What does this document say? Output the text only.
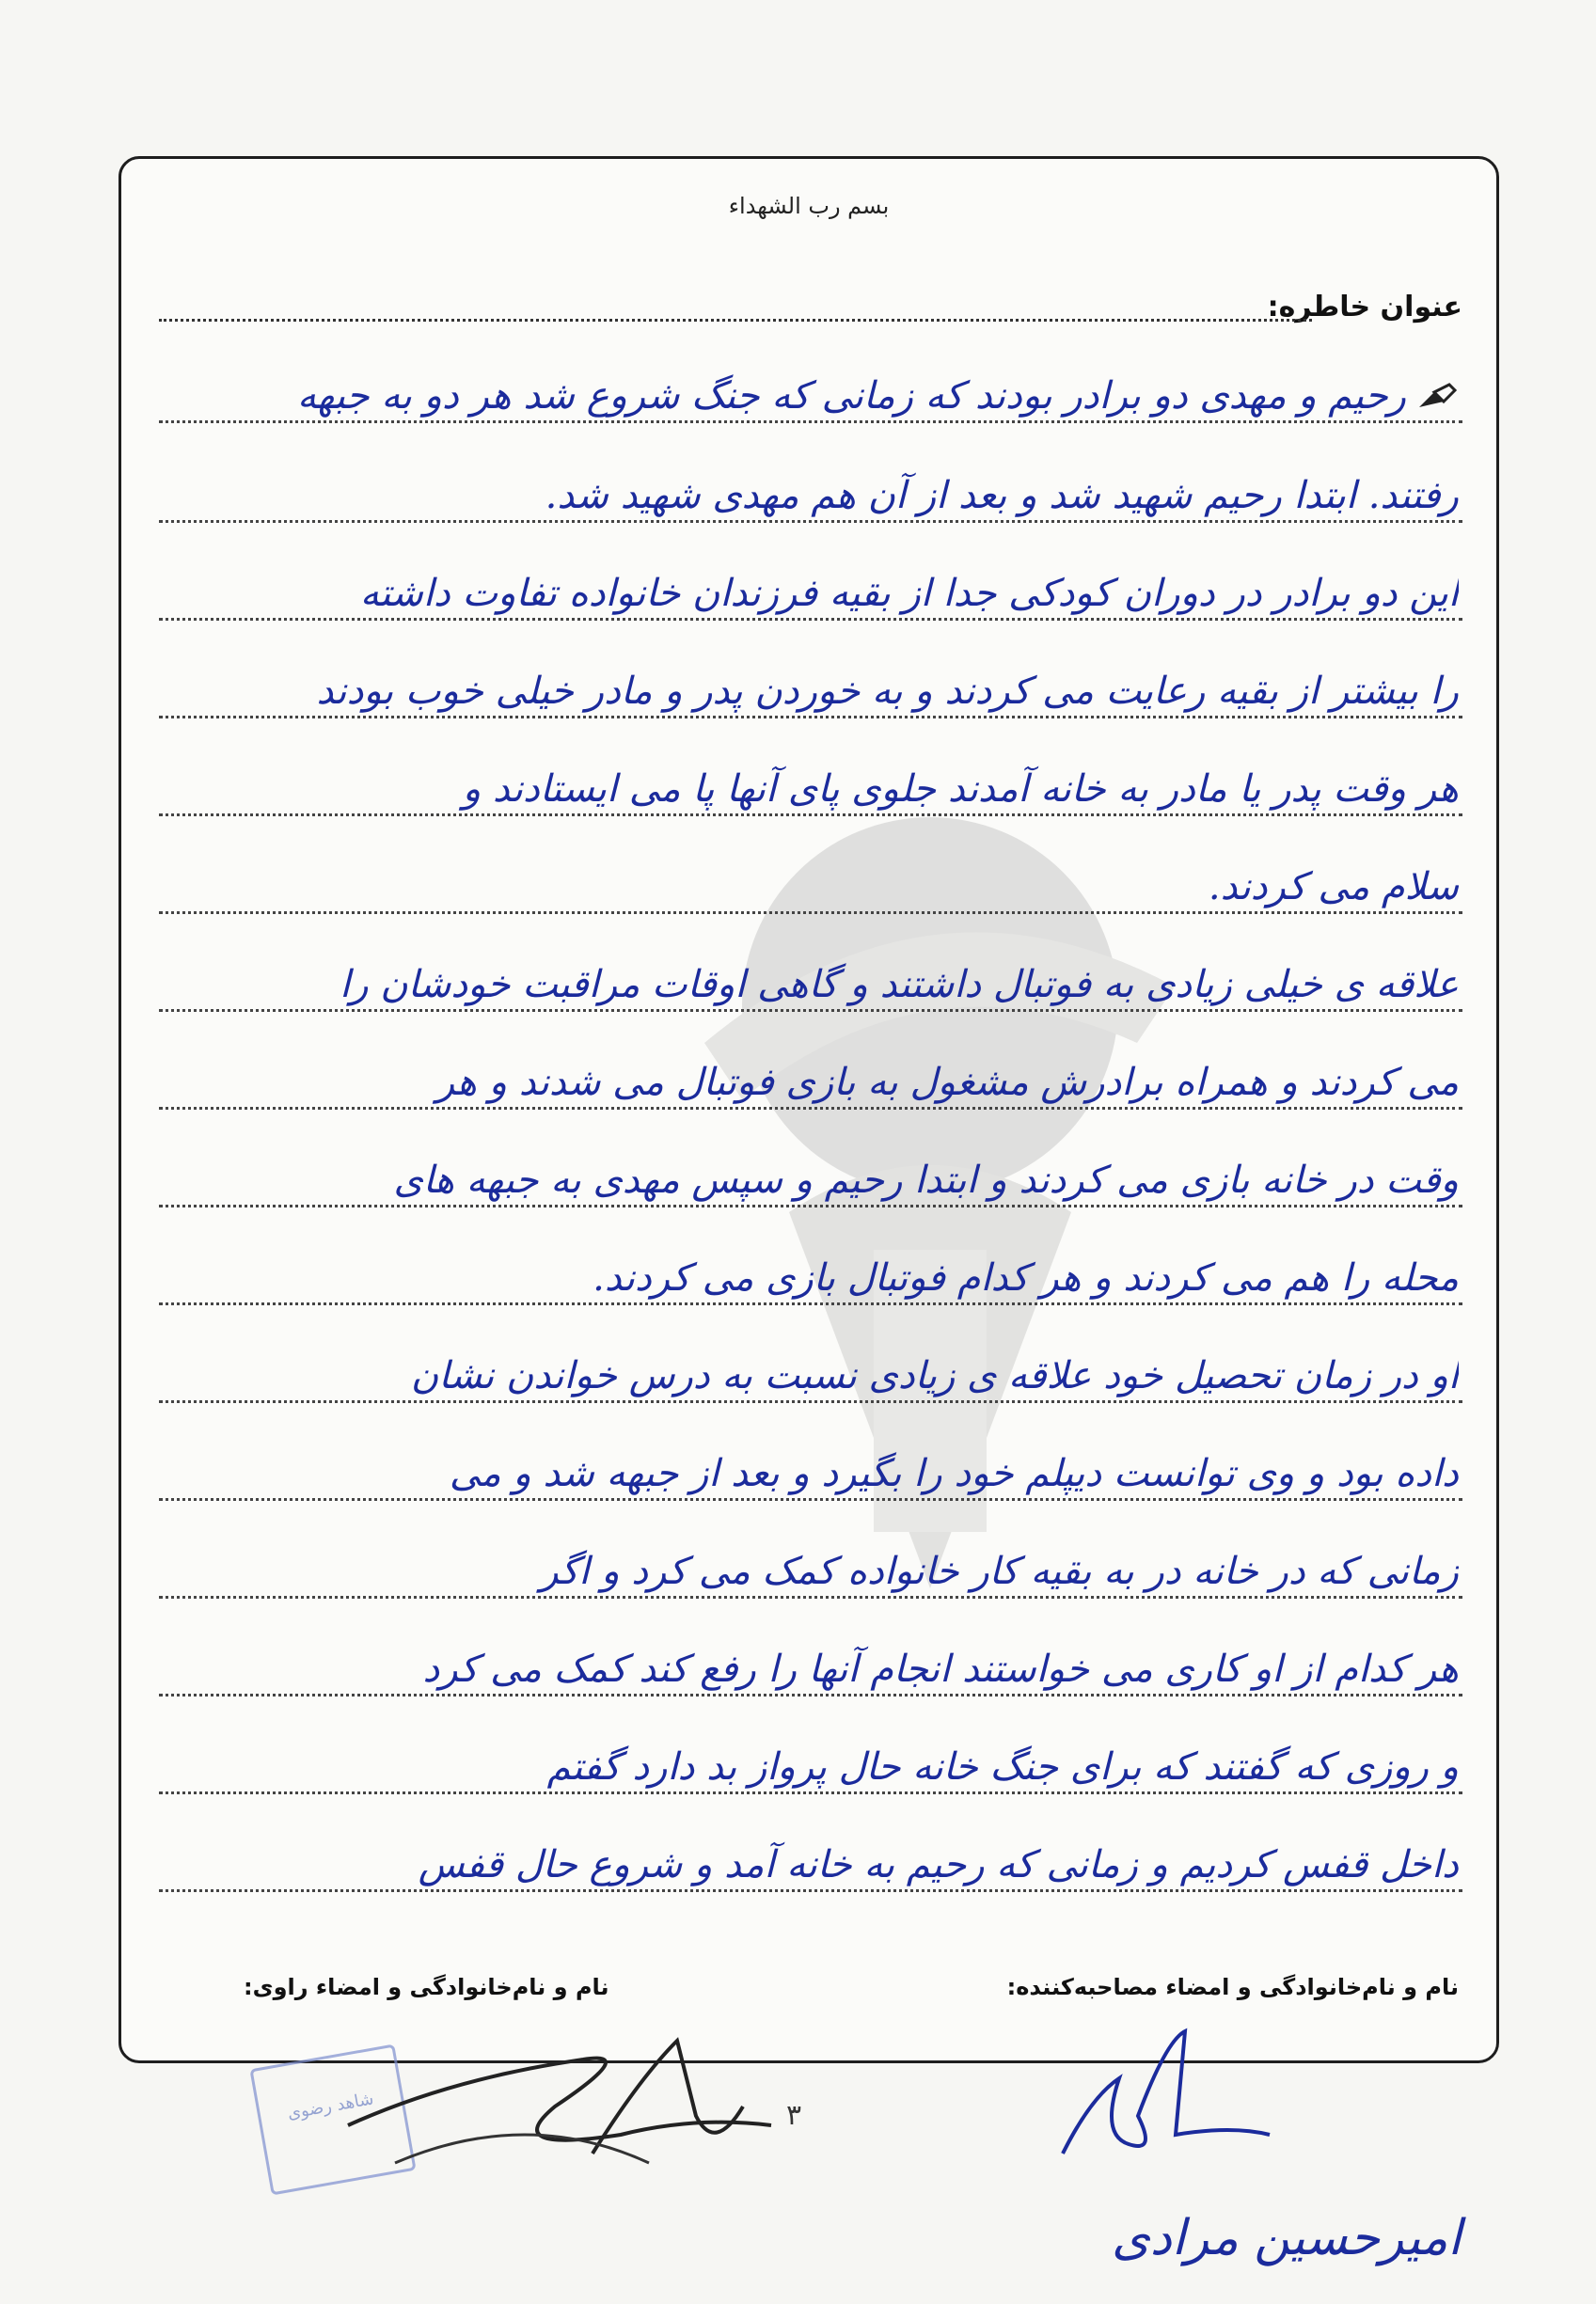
بسم رب الشهداء
عنوان خاطره:
رحیم و مهدی دو برادر بودند که زمانی که جنگ شروع شد هر دو به جبهه
رفتند. ابتدا رحیم شهید شد و بعد از آن هم مهدی شهید شد.
این دو برادر در دوران کودکی جدا از بقیه فرزندان خانواده تفاوت داشته
را بیشتر از بقیه رعایت می کردند و به خوردن پدر و مادر خیلی خوب بودند
هر وقت پدر یا مادر به خانه آمدند جلوی پای آنها پا می ایستادند و
سلام می کردند.
علاقه ی خیلی زیادی به فوتبال داشتند و گاهی اوقات مراقبت خودشان را
می کردند و همراه برادرش مشغول به بازی فوتبال می شدند و هر
وقت در خانه بازی می کردند و ابتدا رحیم و سپس مهدی به جبهه های
محله را هم می کردند و هر کدام فوتبال بازی می کردند.
او در زمان تحصیل خود علاقه ی زیادی نسبت به درس خواندن نشان
داده بود و وی توانست دیپلم خود را بگیرد و بعد از جبهه شد و می
زمانی که در خانه در به بقیه کار خانواده کمک می کرد و اگر
هر کدام از او کاری می خواستند انجام آنها را رفع کند کمک می کرد
و روزی که گفتند که برای جنگ خانه حال پرواز بد دارد گفتم
داخل قفس کردیم و زمانی که رحیم به خانه آمد و شروع حال قفس
نام و نام‌خانوادگی و امضاء مصاحبه‌کننده:
نام و نام‌خانوادگی و امضاء راوی:
۳
شاهد رضوی
امیرحسین مرادی
